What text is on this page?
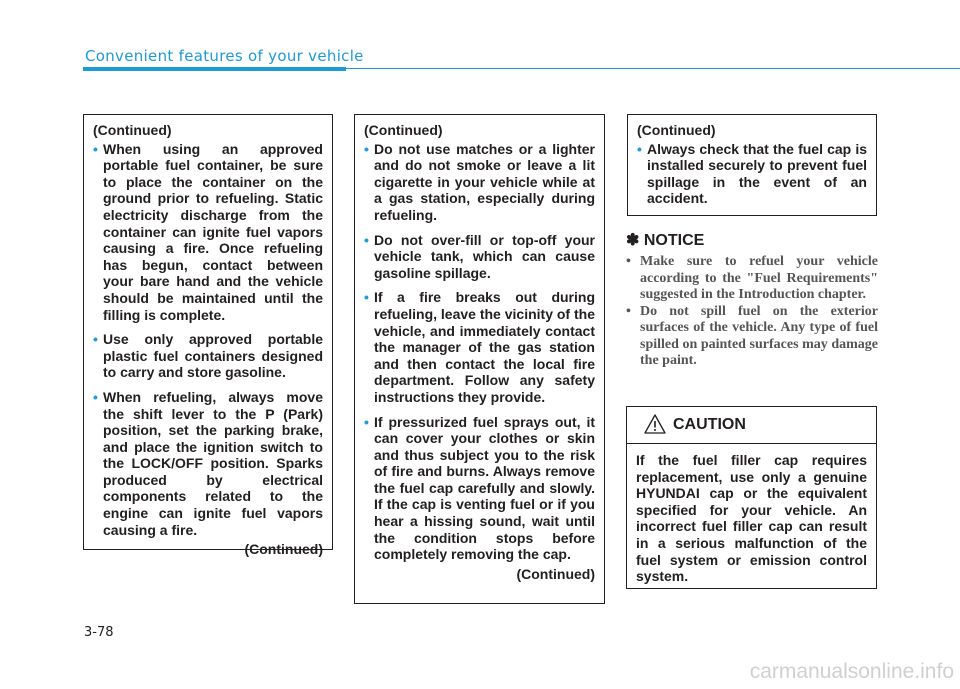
Convenient features of your vehicle
(Continued)
• When using an approved portable fuel container, be sure to place the container on the ground prior to refueling. Static electricity discharge from the container can ignite fuel vapors causing a fire. Once refueling has begun, contact between your bare hand and the vehicle should be maintained until the filling is complete.
• Use only approved portable plastic fuel containers designed to carry and store gasoline.
• When refueling, always move the shift lever to the P (Park) position, set the parking brake, and place the ignition switch to the LOCK/OFF position. Sparks produced by electrical components related to the engine can ignite fuel vapors causing a fire.
(Continued)
(Continued)
• Do not use matches or a lighter and do not smoke or leave a lit cigarette in your vehicle while at a gas station, especially during refueling.
• Do not over-fill or top-off your vehicle tank, which can cause gasoline spillage.
• If a fire breaks out during refueling, leave the vicinity of the vehicle, and immediately contact the manager of the gas station and then contact the local fire department. Follow any safety instructions they provide.
• If pressurized fuel sprays out, it can cover your clothes or skin and thus subject you to the risk of fire and burns. Always remove the fuel cap carefully and slowly. If the cap is venting fuel or if you hear a hissing sound, wait until the condition stops before completely removing the cap.
(Continued)
(Continued)
• Always check that the fuel cap is installed securely to prevent fuel spillage in the event of an accident.
✽ NOTICE
• Make sure to refuel your vehicle according to the "Fuel Requirements" suggested in the Introduction chapter.
• Do not spill fuel on the exterior surfaces of the vehicle. Any type of fuel spilled on painted surfaces may damage the paint.
CAUTION
If the fuel filler cap requires replacement, use only a genuine HYUNDAI cap or the equivalent specified for your vehicle. An incorrect fuel filler cap can result in a serious malfunction of the fuel system or emission control system.
3-78
carmanualsonline.info
